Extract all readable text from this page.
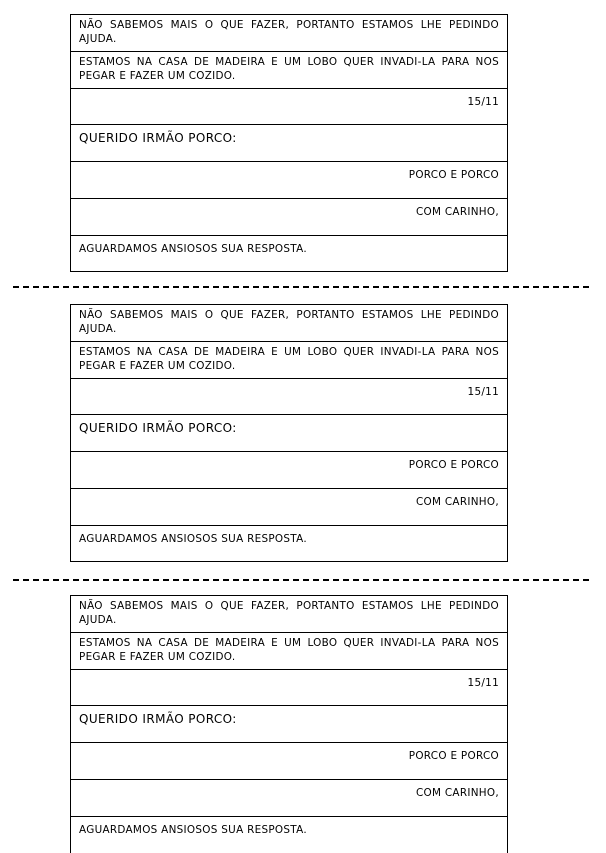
NÃO SABEMOS MAIS O QUE FAZER, PORTANTO ESTAMOS LHE PEDINDO
AJUDA.
ESTAMOS NA CASA DE MADEIRA E UM LOBO QUER INVADI-LA PARA NOS
PEGAR E FAZER UM COZIDO.
15/11
QUERIDO IRMÃO PORCO:
PORCO E PORCO
COM CARINHO,
AGUARDAMOS ANSIOSOS SUA RESPOSTA.
NÃO SABEMOS MAIS O QUE FAZER, PORTANTO ESTAMOS LHE PEDINDO
AJUDA.
ESTAMOS NA CASA DE MADEIRA E UM LOBO QUER INVADI-LA PARA NOS
PEGAR E FAZER UM COZIDO.
15/11
QUERIDO IRMÃO PORCO:
PORCO E PORCO
COM CARINHO,
AGUARDAMOS ANSIOSOS SUA RESPOSTA.
NÃO SABEMOS MAIS O QUE FAZER, PORTANTO ESTAMOS LHE PEDINDO
AJUDA.
ESTAMOS NA CASA DE MADEIRA E UM LOBO QUER INVADI-LA PARA NOS
PEGAR E FAZER UM COZIDO.
15/11
QUERIDO IRMÃO PORCO:
PORCO E PORCO
COM CARINHO,
AGUARDAMOS ANSIOSOS SUA RESPOSTA.
